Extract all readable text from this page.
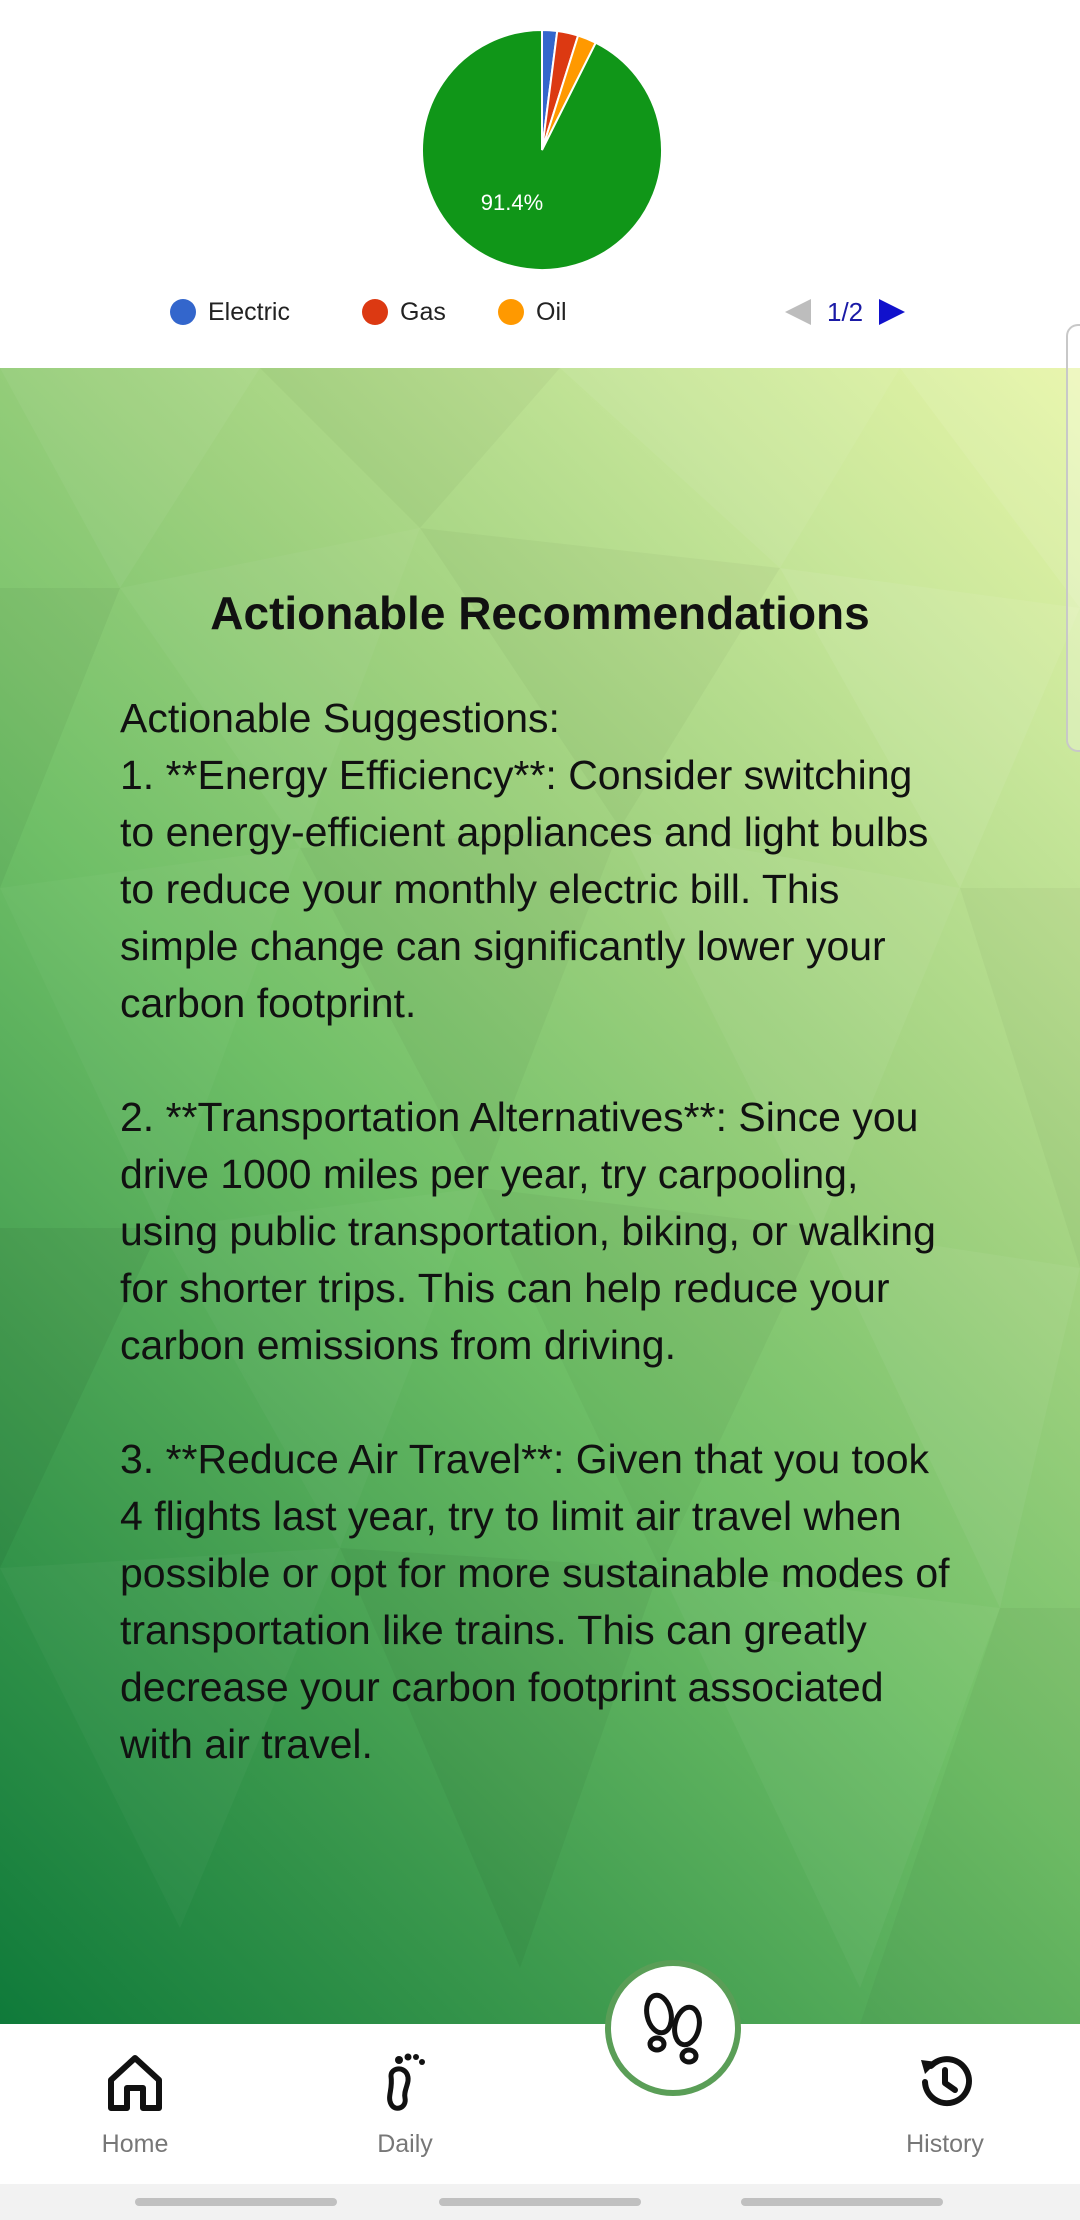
91.4%
Electric	Gas	Oil	1/2
Actionable Recommendations
Actionable Suggestions:
1. **Energy Efficiency**: Consider switching to energy-efficient appliances and light bulbs to reduce your monthly electric bill. This simple change can significantly lower your carbon footprint.

2. **Transportation Alternatives**: Since you drive 1000 miles per year, try carpooling, using public transportation, biking, or walking for shorter trips. This can help reduce your carbon emissions from driving.

3. **Reduce Air Travel**: Given that you took 4 flights last year, try to limit air travel when possible or opt for more sustainable modes of transportation like trains. This can greatly decrease your carbon footprint associated with air travel.
Home	Daily	History
